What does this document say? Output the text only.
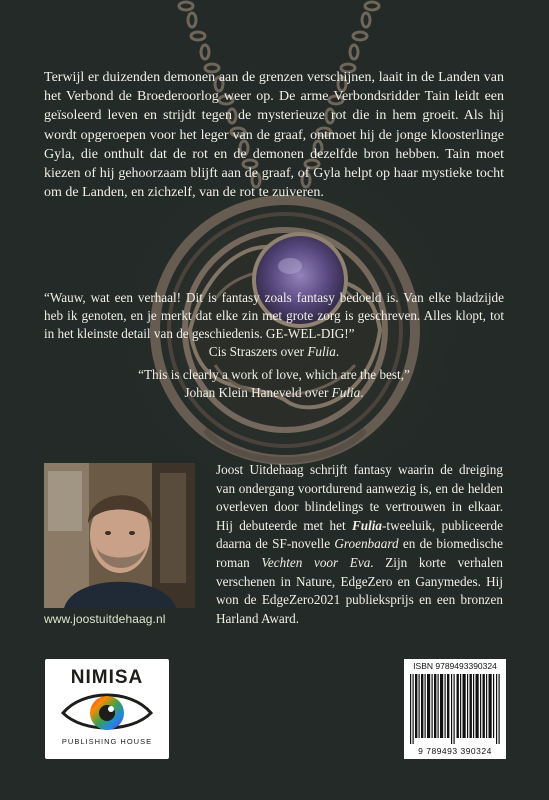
Terwijl er duizenden demonen aan de grenzen verschijnen, laait in de Landen van het Verbond de Broederoorlog weer op. De arme Verbondsridder Tain leidt een geïsoleerd leven en strijdt tegen de mysterieuze rot die in hem groeit. Als hij wordt opgeroepen voor het leger van de graaf, ontmoet hij de jonge kloosterlinge Gyla, die onthult dat de rot en de demonen dezelfde bron hebben. Tain moet kiezen of hij gehoorzaam blijft aan de graaf, of Gyla helpt op haar mystieke tocht om de Landen, en zichzelf, van de rot te zuiveren.

“Wauw, wat een verhaal! Dit is fantasy zoals fantasy bedoeld is. Van elke bladzijde heb ik genoten, en je merkt dat elke zin met grote zorg is geschreven. Alles klopt, tot in het kleinste detail van de geschiedenis. GE-WEL-DIG!”

Cis Straszers over Fulia.

“This is clearly a work of love, which are the best,”

Johan Klein Haneveld over Fulia.

www.joostuitdehaag.nl
Joost Uitdehaag schrijft fantasy waarin de dreiging van ondergang voortdurend aanwezig is, en de helden overleven door blindelings te vertrouwen in elkaar. Hij debuteerde met het Fulia-tweeluik, publiceerde daarna de SF-novelle Groenbaard en de biomedische roman Vechten voor Eva. Zijn korte verhalen verschenen in Nature, EdgeZero en Ganymedes. Hij won de EdgeZero2021 publieksprijs en een bronzen Harland Award.
NIMISA
PUBLISHING HOUSE
ISBN 9789493390324
9 789493 390324
